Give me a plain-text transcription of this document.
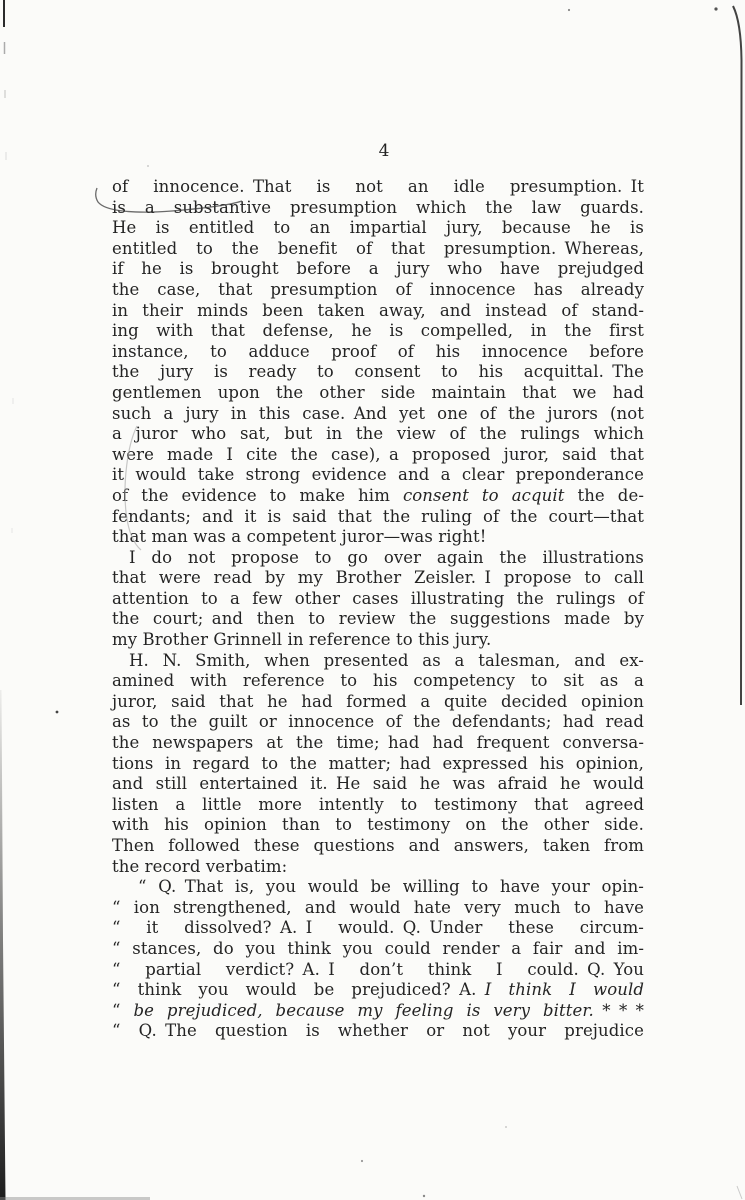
4
of innocence. That is not an idle presumption. It
is a substantive presumption which the law guards.
He is entitled to an impartial jury, because he is
entitled to the benefit of that presumption. Whereas,
if he is brought before a jury who have prejudged
the case, that presumption of innocence has already
in their minds been taken away, and instead of stand-
ing with that defense, he is compelled, in the first
instance, to adduce proof of his innocence before
the jury is ready to consent to his acquittal. The
gentlemen upon the other side maintain that we had
such a jury in this case. And yet one of the jurors (not
a juror who sat, but in the view of the rulings which
were made I cite the case), a proposed juror, said that
it would take strong evidence and a clear preponderance
of the evidence to make him consent to acquit the de-
fendants; and it is said that the ruling of the court—that
that man was a competent juror—was right!
I do not propose to go over again the illustrations
that were read by my Brother Zeisler. I propose to call
attention to a few other cases illustrating the rulings of
the court; and then to review the suggestions made by
my Brother Grinnell in reference to this jury.
H. N. Smith, when presented as a talesman, and ex-
amined with reference to his competency to sit as a
juror, said that he had formed a quite decided opinion
as to the guilt or innocence of the defendants; had read
the newspapers at the time; had had frequent conversa-
tions in regard to the matter; had expressed his opinion,
and still entertained it. He said he was afraid he would
listen a little more intently to testimony that agreed
with his opinion than to testimony on the other side.
Then followed these questions and answers, taken from
the record verbatim:
“ Q. That is, you would be willing to have your opin-
“ ion strengthened, and would hate very much to have
“ it dissolved? A. I would. Q. Under these circum-
“ stances, do you think you could render a fair and im-
“ partial verdict? A. I don’t think I could. Q. You
“ think you would be prejudiced? A. I think I would
“ be prejudiced, because my feeling is very bitter. * * *
“ Q. The question is whether or not your prejudice
